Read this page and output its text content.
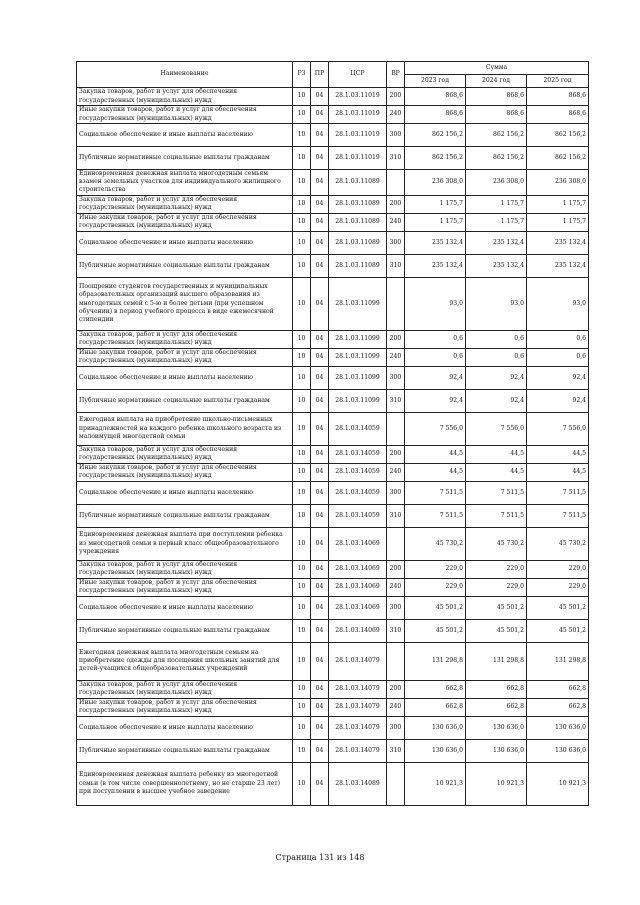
Наименование	РЗ	ПР	ЦСР	ВР	Сумма		
					2023 год	2024 год	2025 год
Закупка товаров, работ и услуг для обеспечения государственных (муниципальных) нужд	10	04	28.1.03.11019	200	868,6	868,6	868,6
Иные закупки товаров, работ и услуг для обеспечения государственных (муниципальных) нужд	10	04	28.1.03.11019	240	868,6	868,6	868,6
Социальное обеспечение и иные выплаты населению	10	04	28.1.03.11019	300	862 156,2	862 156,2	862 156,2
Публичные нормативные социальные выплаты гражданам	10	04	28.1.03.11019	310	862 156,2	862 156,2	862 156,2
Единовременная денежная выплата многодетным семьям взамен земельных участков для индивидуального жилищного строительства	10	04	28.1.03.11089		236 308,0	236 308,0	236 308,0
Закупка товаров, работ и услуг для обеспечения государственных (муниципальных) нужд	10	04	28.1.03.11089	200	1 175,7	1 175,7	1 175,7
Иные закупки товаров, работ и услуг для обеспечения государственных (муниципальных) нужд	10	04	28.1.03.11089	240	1 175,7	1 175,7	1 175,7
Социальное обеспечение и иные выплаты населению	10	04	28.1.03.11089	300	235 132,4	235 132,4	235 132,4
Публичные нормативные социальные выплаты гражданам	10	04	28.1.03.11089	310	235 132,4	235 132,4	235 132,4
Поощрение студентов государственных и муниципальных образовательных организаций высшего образования из многодетных семей с 5-ю и более детьми (при успешном обучении) в период учебного процесса в виде ежемесячной стипендии	10	04	28.1.03.11099		93,0	93,0	93,0
Закупка товаров, работ и услуг для обеспечения государственных (муниципальных) нужд	10	04	28.1.03.11099	200	0,6	0,6	0,6
Иные закупки товаров, работ и услуг для обеспечения государственных (муниципальных) нужд	10	04	28.1.03.11099	240	0,6	0,6	0,6
Социальное обеспечение и иные выплаты населению	10	04	28.1.03.11099	300	92,4	92,4	92,4
Публичные нормативные социальные выплаты гражданам	10	04	28.1.03.11099	310	92,4	92,4	92,4
Ежегодная выплата на приобретение школьно-письменных принадлежностей на каждого ребенка школьного возраста из малоимущей многодетной семьи	10	04	28.1.03.14059		7 556,0	7 556,0	7 556,0
Закупка товаров, работ и услуг для обеспечения государственных (муниципальных) нужд	10	04	28.1.03.14059	200	44,5	44,5	44,5
Иные закупки товаров, работ и услуг для обеспечения государственных (муниципальных) нужд	10	04	28.1.03.14059	240	44,5	44,5	44,5
Социальное обеспечение и иные выплаты населению	10	04	28.1.03.14059	300	7 511,5	7 511,5	7 511,5
Публичные нормативные социальные выплаты гражданам	10	04	28.1.03.14059	310	7 511,5	7 511,5	7 511,5
Единовременная денежная выплата при поступлении ребенка из многодетной семьи в первый класс общеобразовательного учреждения	10	04	28.1.03.14069		45 730,2	45 730,2	45 730,2
Закупка товаров, работ и услуг для обеспечения государственных (муниципальных) нужд	10	04	28.1.03.14069	200	229,0	229,0	229,0
Иные закупки товаров, работ и услуг для обеспечения государственных (муниципальных) нужд	10	04	28.1.03.14069	240	229,0	229,0	229,0
Социальное обеспечение и иные выплаты населению	10	04	28.1.03.14069	300	45 501,2	45 501,2	45 501,2
Публичные нормативные социальные выплаты гражданам	10	04	28.1.03.14069	310	45 501,2	45 501,2	45 501,2
Ежегодная денежная выплата многодетным семьям на приобретение одежды для посещения школьных занятий для детей-учащихся общеобразовательных учреждений	10	04	28.1.03.14079		131 298,8	131 298,8	131 298,8
Закупка товаров, работ и услуг для обеспечения государственных (муниципальных) нужд	10	04	28.1.03.14079	200	662,8	662,8	662,8
Иные закупки товаров, работ и услуг для обеспечения государственных (муниципальных) нужд	10	04	28.1.03.14079	240	662,8	662,8	662,8
Социальное обеспечение и иные выплаты населению	10	04	28.1.03.14079	300	130 636,0	130 636,0	130 636,0
Публичные нормативные социальные выплаты гражданам	10	04	28.1.03.14079	310	130 636,0	130 636,0	130 636,0
Единовременная денежная выплата ребенку из многодетной семьи (в том числе совершеннолетнему, но не старше 23 лет) при поступлении в высшее учебное заведение	10	04	28.1.03.14089		10 921,3	10 921,3	10 921,3
Страница 131 из 148
